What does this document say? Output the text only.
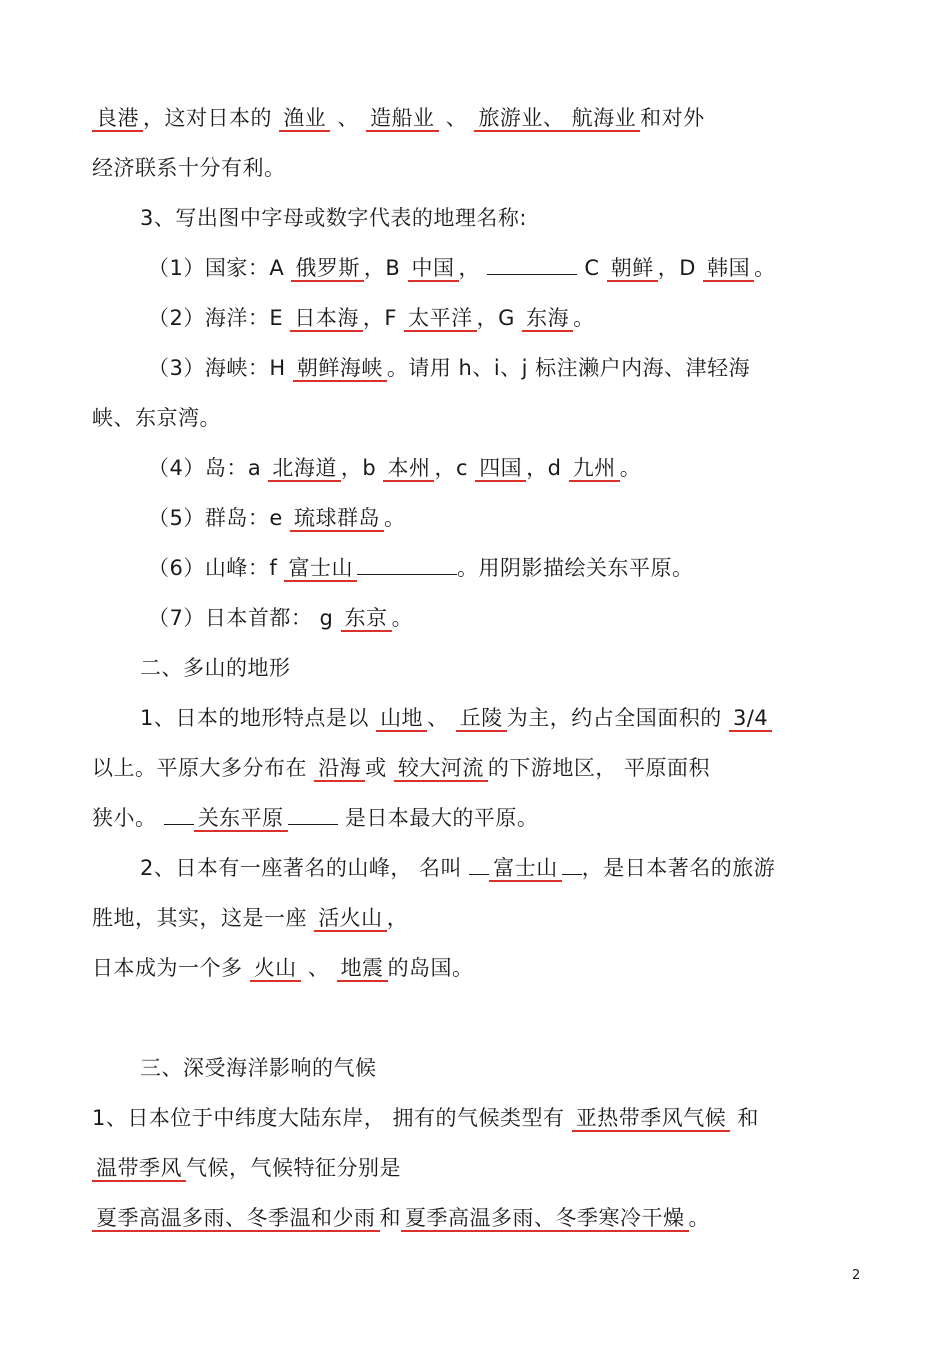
良港 ，这对日本的 渔业 、 造船业 、 旅游业、 航海业 和对外
经济联系十分有利。
3、写出图中字母或数字代表的地理名称:
（1）国家：A 俄罗斯 ，B 中国 ，	C 朝鲜 ，D 韩国 。
（2）海洋：E 日本海 ，F 太平洋 ，G 东海 。
（3）海峡：H 朝鲜海峡 。请用 h、i、j 标注濑户内海、津轻海
峡、东京湾。
（4）岛：a 北海道 ，b 本州 ，c 四国 ，d 九州 。
（5）群岛：e 琉球群岛 。
（6）山峰：f 富士山	。用阴影描绘关东平原。
（7）日本首都： g 东京 。
二、多山的地形
1、日本的地形特点是以 山地 、 丘陵 为主，约占全国面积的 3/4
以上。平原大多分布在 沿海 或 较大河流 的下游地区， 平原面积
狭小。 关东平原	是日本最大的平原。
2、日本有一座著名的山峰， 名叫 富士山 ，是日本著名的旅游
胜地，其实，这是一座 活火山 ，
日本成为一个多 火山 、 地震 的岛国。
三、深受海洋影响的气候
1、日本位于中纬度大陆东岸， 拥有的气候类型有 亚热带季风气候 和
温带季风 气候，气候特征分别是
夏季高温多雨、冬季温和少雨 和 夏季高温多雨、冬季寒冷干燥 。
2
